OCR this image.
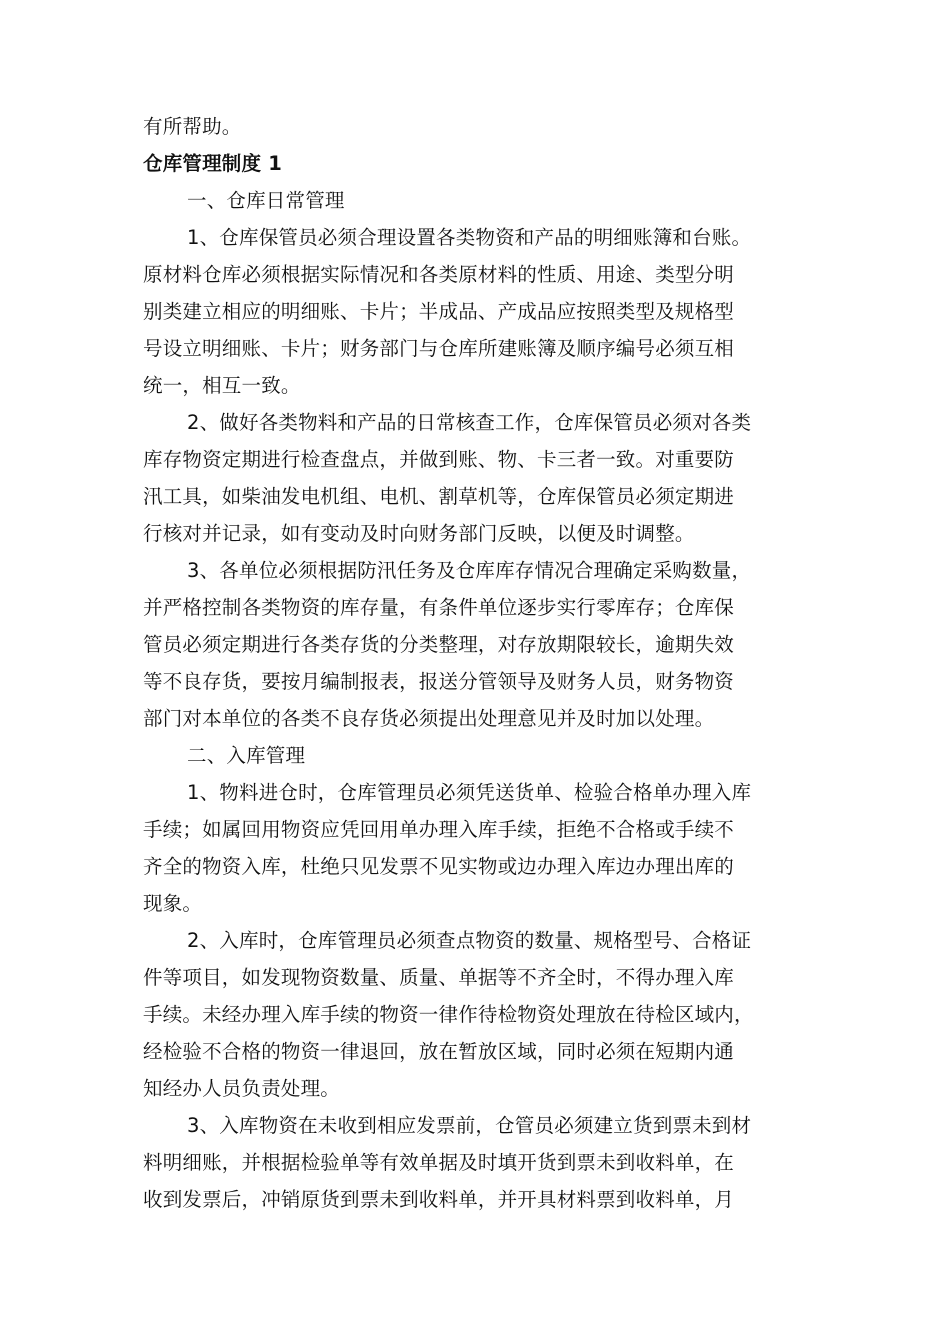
有所帮助。
仓库管理制度 1
一、仓库日常管理
1、仓库保管员必须合理设置各类物资和产品的明细账簿和台账。
原材料仓库必须根据实际情况和各类原材料的性质、用途、类型分明
别类建立相应的明细账、卡片；半成品、产成品应按照类型及规格型
号设立明细账、卡片；财务部门与仓库所建账簿及顺序编号必须互相
统一，相互一致。
2、做好各类物料和产品的日常核查工作，仓库保管员必须对各类
库存物资定期进行检查盘点，并做到账、物、卡三者一致。对重要防
汛工具，如柴油发电机组、电机、割草机等，仓库保管员必须定期进
行核对并记录，如有变动及时向财务部门反映，以便及时调整。
3、各单位必须根据防汛任务及仓库库存情况合理确定采购数量，
并严格控制各类物资的库存量，有条件单位逐步实行零库存；仓库保
管员必须定期进行各类存货的分类整理，对存放期限较长，逾期失效
等不良存货，要按月编制报表，报送分管领导及财务人员，财务物资
部门对本单位的各类不良存货必须提出处理意见并及时加以处理。
二、入库管理
1、物料进仓时，仓库管理员必须凭送货单、检验合格单办理入库
手续；如属回用物资应凭回用单办理入库手续，拒绝不合格或手续不
齐全的物资入库，杜绝只见发票不见实物或边办理入库边办理出库的
现象。
2、入库时，仓库管理员必须查点物资的数量、规格型号、合格证
件等项目，如发现物资数量、质量、单据等不齐全时，不得办理入库
手续。未经办理入库手续的物资一律作待检物资处理放在待检区域内，
经检验不合格的物资一律退回，放在暂放区域，同时必须在短期内通
知经办人员负责处理。
3、入库物资在未收到相应发票前，仓管员必须建立货到票未到材
料明细账，并根据检验单等有效单据及时填开货到票未到收料单，在
收到发票后，冲销原货到票未到收料单，并开具材料票到收料单，月
